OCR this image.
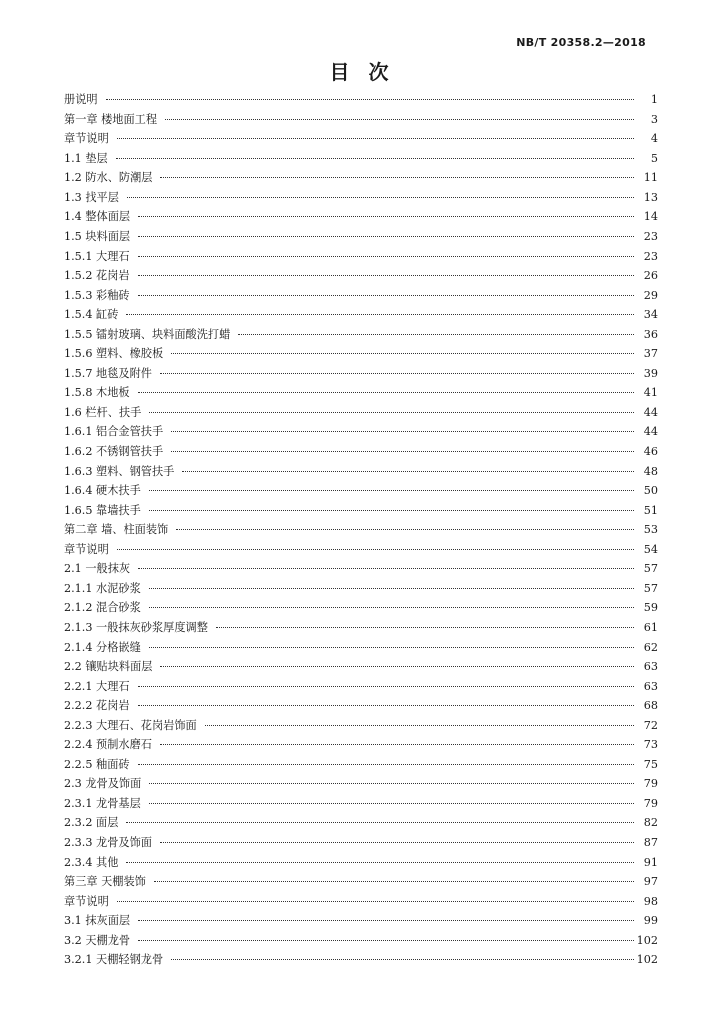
NB/T 20358.2—2018
目 次
册说明	1
第一章 楼地面工程	3
章节说明	4
1.1 垫层	5
1.2 防水、防潮层	11
1.3 找平层	13
1.4 整体面层	14
1.5 块料面层	23
1.5.1 大理石	23
1.5.2 花岗岩	26
1.5.3 彩釉砖	29
1.5.4 缸砖	34
1.5.5 镭射玻璃、块料面酸洗打蜡	36
1.5.6 塑料、橡胶板	37
1.5.7 地毯及附件	39
1.5.8 木地板	41
1.6 栏杆、扶手	44
1.6.1 铝合金管扶手	44
1.6.2 不锈钢管扶手	46
1.6.3 塑料、钢管扶手	48
1.6.4 硬木扶手	50
1.6.5 靠墙扶手	51
第二章 墙、柱面装饰	53
章节说明	54
2.1 一般抹灰	57
2.1.1 水泥砂浆	57
2.1.2 混合砂浆	59
2.1.3 一般抹灰砂浆厚度调整	61
2.1.4 分格嵌缝	62
2.2 镶贴块料面层	63
2.2.1 大理石	63
2.2.2 花岗岩	68
2.2.3 大理石、花岗岩饰面	72
2.2.4 预制水磨石	73
2.2.5 釉面砖	75
2.3 龙骨及饰面	79
2.3.1 龙骨基层	79
2.3.2 面层	82
2.3.3 龙骨及饰面	87
2.3.4 其他	91
第三章 天棚装饰	97
章节说明	98
3.1 抹灰面层	99
3.2 天棚龙骨	102
3.2.1 天棚轻钢龙骨	102
